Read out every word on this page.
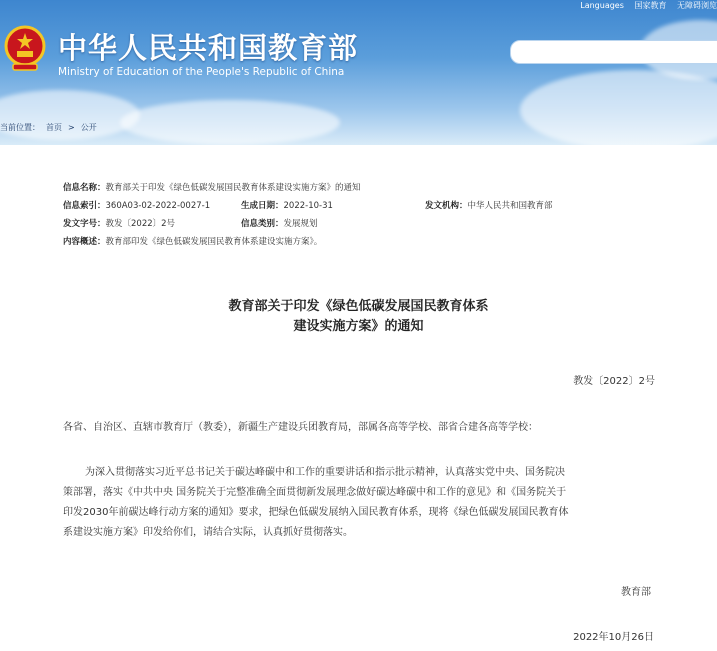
中华人民共和国教育部
Ministry of Education of the People's Republic of China
Languages 国家教育 无障碍浏览
当前位置： 首页 > 公开
信息名称：教育部关于印发《绿色低碳发展国民教育体系建设实施方案》的通知
信息索引：360A03-02-2022-0027-1	生成日期：2022-10-31	发文机构：中华人民共和国教育部
发文字号：教发〔2022〕2号	信息类别：发展规划
内容概述：教育部印发《绿色低碳发展国民教育体系建设实施方案》。
教育部关于印发《绿色低碳发展国民教育体系
建设实施方案》的通知
教发〔2022〕2号
各省、自治区、直辖市教育厅（教委），新疆生产建设兵团教育局，部属各高等学校、部省合建各高等学校：
为深入贯彻落实习近平总书记关于碳达峰碳中和工作的重要讲话和指示批示精神，认真落实党中央、国务院决
策部署，落实《中共中央 国务院关于完整准确全面贯彻新发展理念做好碳达峰碳中和工作的意见》和《国务院关于
印发2030年前碳达峰行动方案的通知》要求，把绿色低碳发展纳入国民教育体系，现将《绿色低碳发展国民教育体
系建设实施方案》印发给你们，请结合实际，认真抓好贯彻落实。
教育部
2022年10月26日
